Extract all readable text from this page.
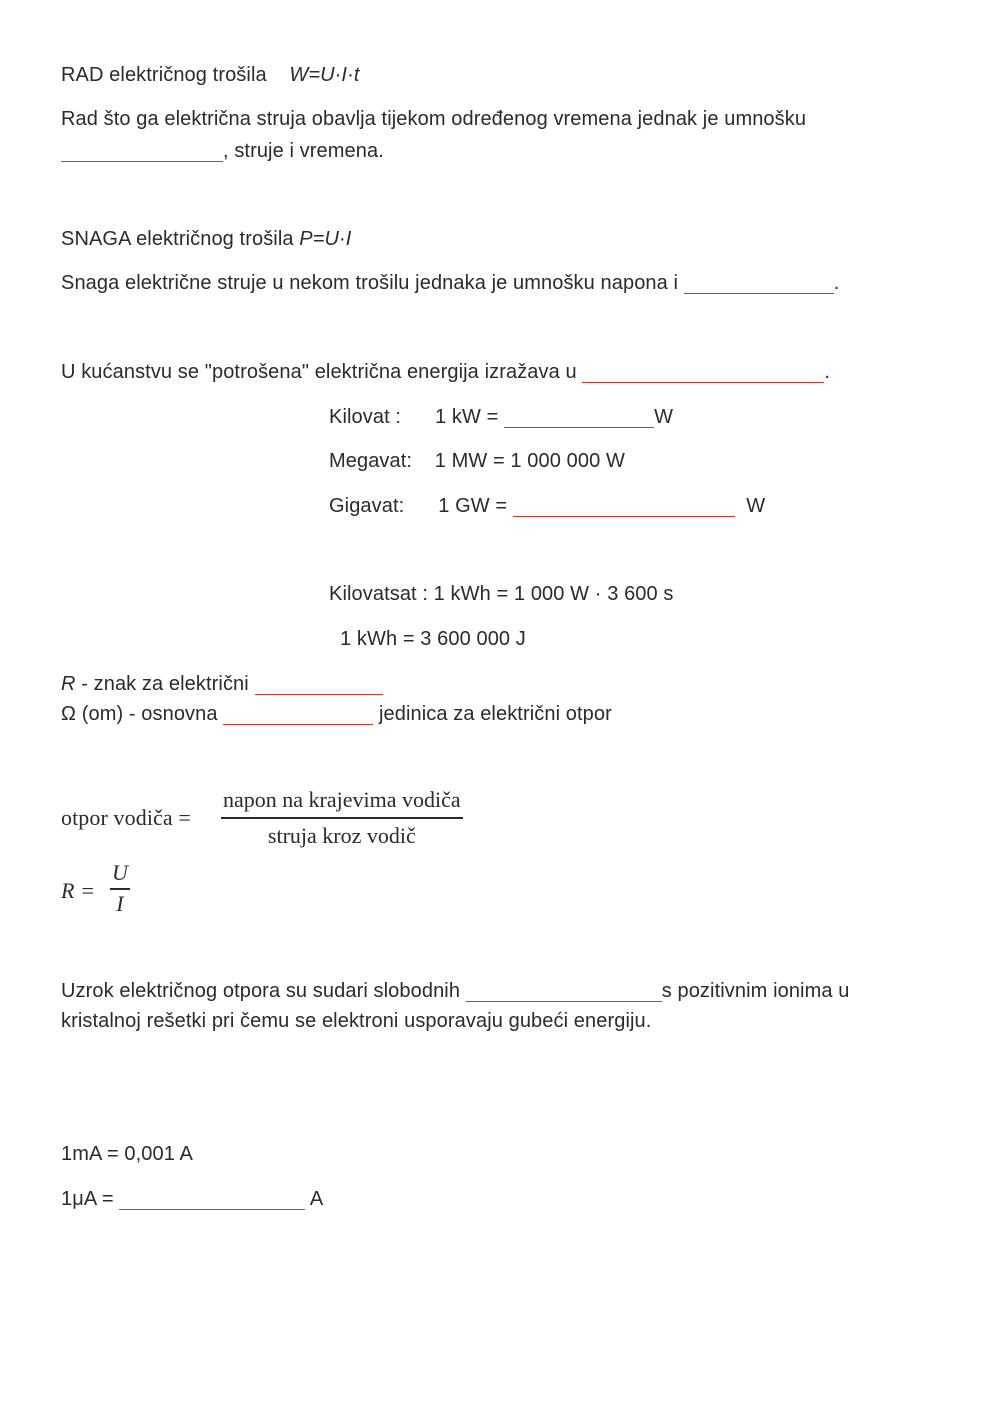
RAD električnog trošila W=U·I·t
Rad što ga električna struja obavlja tijekom određenog vremena jednak je umnošku
, struje i vremena.
SNAGA električnog trošila P=U·I
Snaga električne struje u nekom trošilu jednaka je umnošku napona i	.
U kućanstvu se "potrošena" električna energija izražava u	.
Kilovat : 1 kW =	W
Megavat: 1 MW = 1 000 000 W
Gigavat: 1 GW =	W
Kilovatsat : 1 kWh = 1 000 W · 3 600 s
1 kWh = 3 600 000 J
R - znak za električni
Ω (om) - osnovna	jedinica za električni otpor
otpor vodiča =
napon na krajevima vodiča
struja kroz vodič
R =
U
I
Uzrok električnog otpora su sudari slobodnih	s pozitivnim ionima u
kristalnoj rešetki pri čemu se elektroni usporavaju gubeći energiju.
1mA = 0,001 A
1μA =	A
